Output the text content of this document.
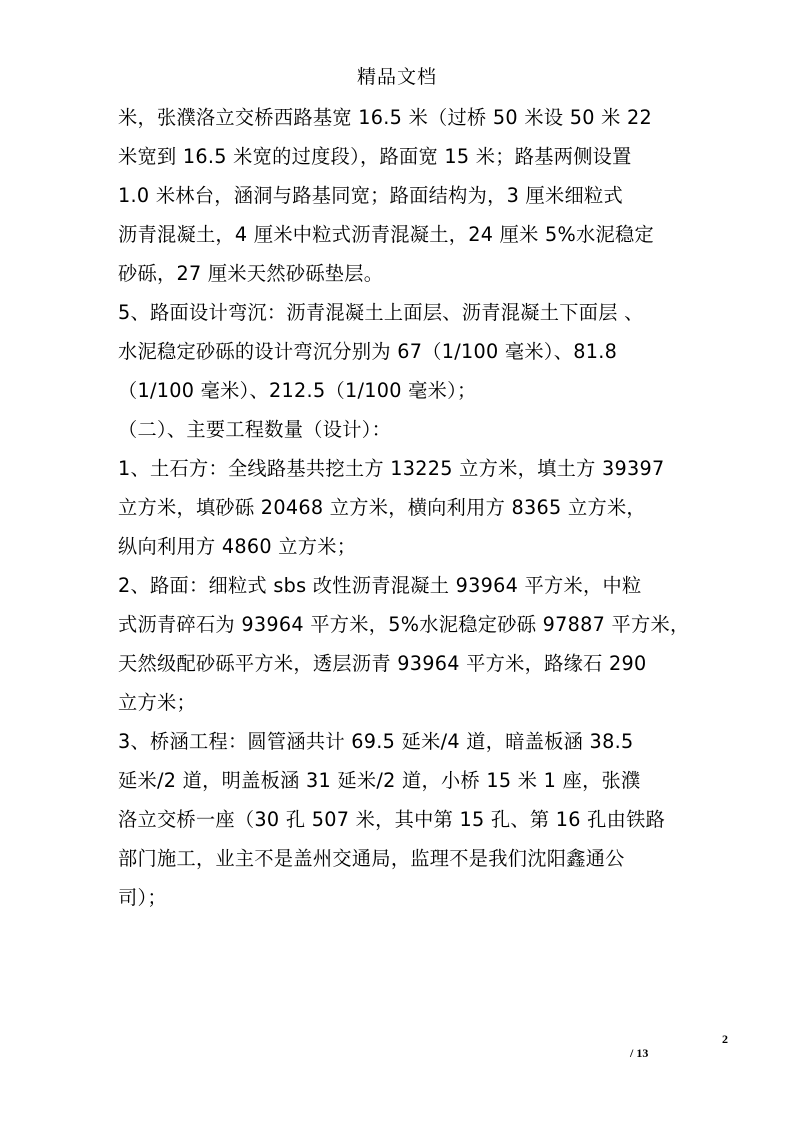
精品文档
米，张濮洛立交桥西路基宽 16.5 米（过桥 50 米设 50 米 22
米宽到 16.5 米宽的过度段），路面宽 15 米；路基两侧设置
1.0 米林台，涵洞与路基同宽；路面结构为，3 厘米细粒式
沥青混凝土，4 厘米中粒式沥青混凝土，24 厘米 5%水泥稳定
砂砾，27 厘米天然砂砾垫层。
5、路面设计弯沉：沥青混凝土上面层、沥青混凝土下面层 、
水泥稳定砂砾的设计弯沉分别为 67（1/100 毫米）、81.8
（1/100 毫米）、212.5（1/100 毫米）；
（二）、主要工程数量（设计）：
1、土石方：全线路基共挖土方 13225 立方米，填土方 39397
立方米，填砂砾 20468 立方米，横向利用方 8365 立方米，
纵向利用方 4860 立方米；
2、路面：细粒式 sbs 改性沥青混凝土 93964 平方米，中粒
式沥青碎石为 93964 平方米，5%水泥稳定砂砾 97887 平方米，
天然级配砂砾平方米，透层沥青 93964 平方米，路缘石 290
立方米；
3、桥涵工程：圆管涵共计 69.5 延米/4 道，暗盖板涵 38.5
延米/2 道，明盖板涵 31 延米/2 道，小桥 15 米 1 座，张濮
洛立交桥一座（30 孔 507 米，其中第 15 孔、第 16 孔由铁路
部门施工，业主不是盖州交通局，监理不是我们沈阳鑫通公
司）；
2
/ 13
